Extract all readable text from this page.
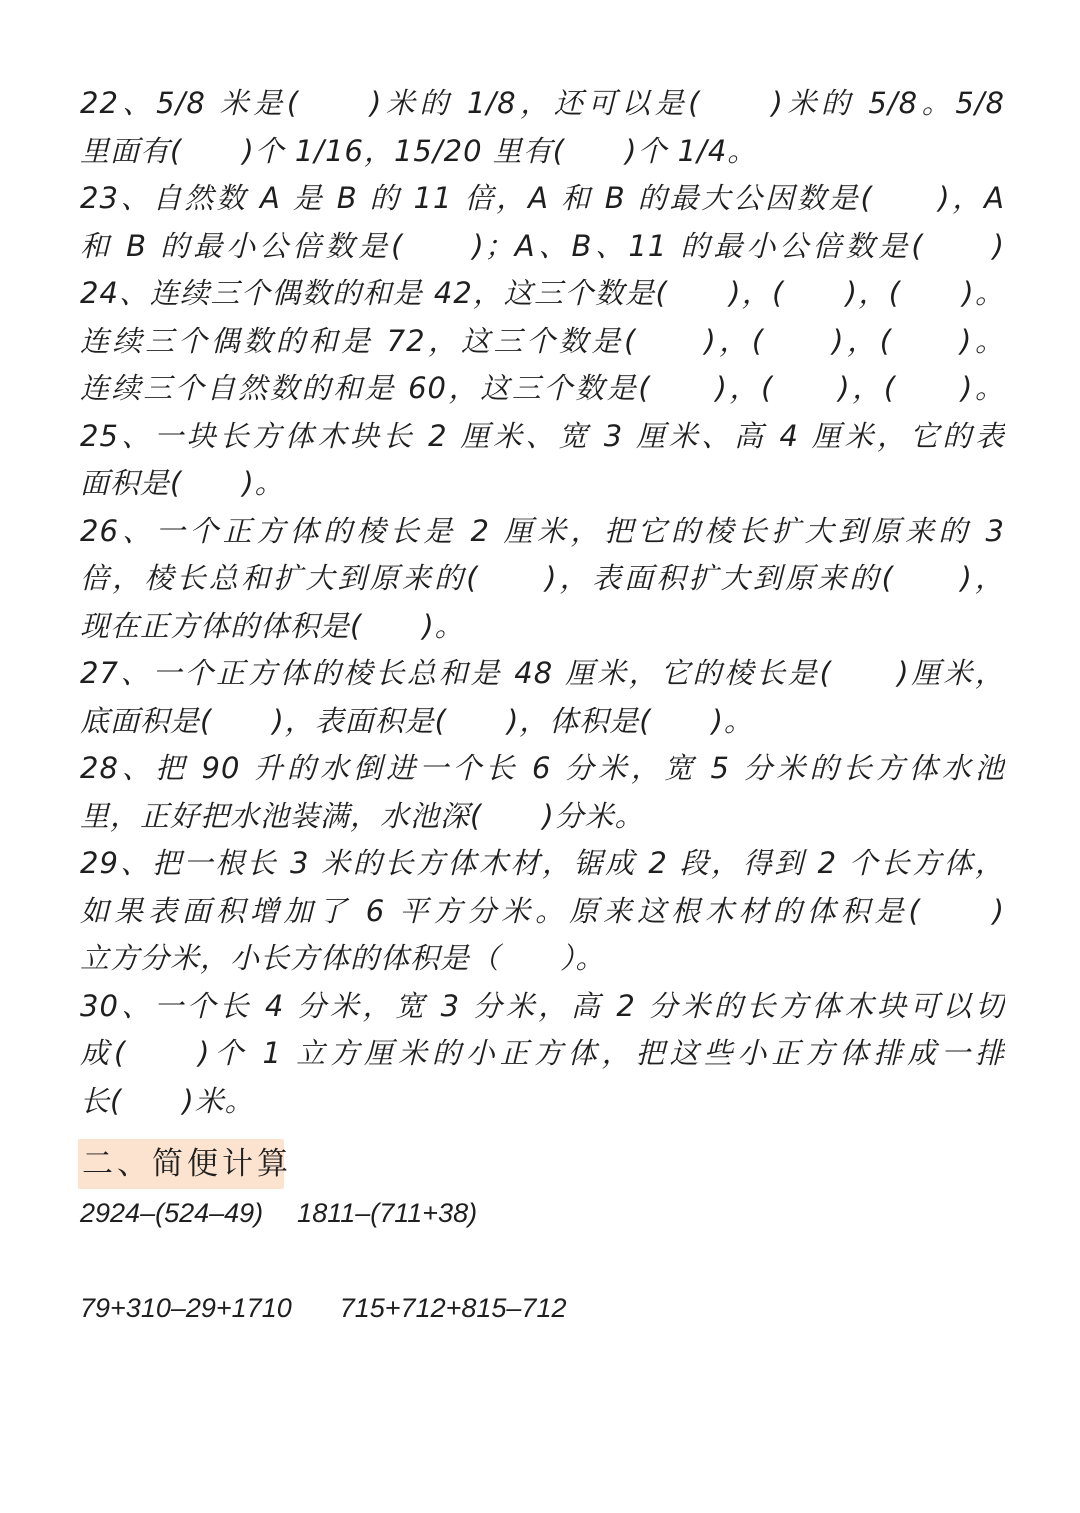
22、5/8 米是(　　)米的 1/8，还可以是(　　)米的 5/8。5/8
里面有(　　)个 1/16，15/20 里有(　　)个 1/4。
23、自然数 A 是 B 的 11 倍，A 和 B 的最大公因数是(　　)，A
和 B 的最小公倍数是(　　)；A、B、11 的最小公倍数是(　　)
24、连续三个偶数的和是 42，这三个数是(　　)，(　　)，(　　)。
连续三个偶数的和是 72，这三个数是(　　)，(　　)，(　　)。
连续三个自然数的和是 60，这三个数是(　　)，(　　)，(　　)。
25、一块长方体木块长 2 厘米、宽 3 厘米、高 4 厘米，它的表
面积是(　　)。
26、一个正方体的棱长是 2 厘米，把它的棱长扩大到原来的 3
倍，棱长总和扩大到原来的(　　)，表面积扩大到原来的(　　)，
现在正方体的体积是(　　)。
27、一个正方体的棱长总和是 48 厘米，它的棱长是(　　)厘米，
底面积是(　　)，表面积是(　　)，体积是(　　)。
28、把 90 升的水倒进一个长 6 分米，宽 5 分米的长方体水池
里，正好把水池装满，水池深(　　)分米。
29、把一根长 3 米的长方体木材，锯成 2 段，得到 2 个长方体，
如果表面积增加了 6 平方分米。原来这根木材的体积是(　　)
立方分米，小长方体的体积是（　　）。
30、一个长 4 分米，宽 3 分米，高 2 分米的长方体木块可以切
成(　　)个 1 立方厘米的小正方体，把这些小正方体排成一排
长(　　)米。
二、简便计算
2924–(524–49) 1811–(711+38)
79+310–29+1710 715+712+815–712
